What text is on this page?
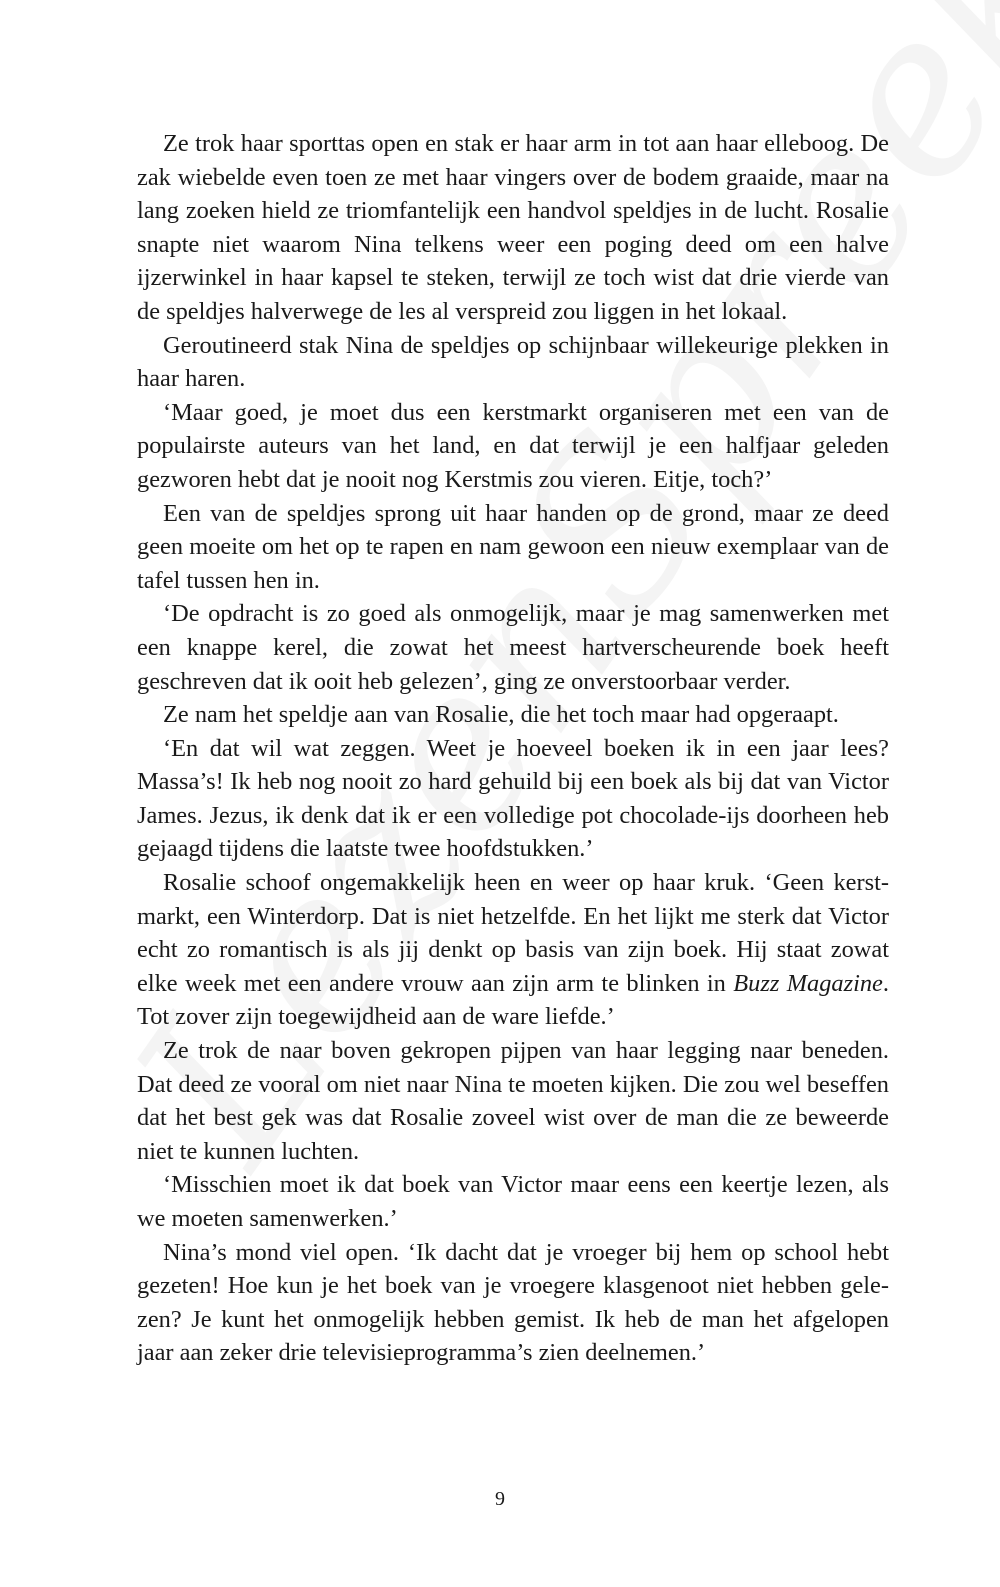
Ze trok haar sporttas open en stak er haar arm in tot aan haar elleboog. De zak wiebelde even toen ze met haar vingers over de bodem graaide, maar na lang zoeken hield ze triomfantelijk een handvol speldjes in de lucht. Rosalie snapte niet waarom Nina telkens weer een poging deed om een halve ijzerwinkel in haar kapsel te steken, terwijl ze toch wist dat drie vierde van de speldjes halverwege de les al verspreid zou liggen in het lokaal.

Geroutineerd stak Nina de speldjes op schijnbaar willekeurige plekken in haar haren.

‘Maar goed, je moet dus een kerstmarkt organiseren met een van de populairste auteurs van het land, en dat terwijl je een halfjaar geleden gezworen hebt dat je nooit nog Kerstmis zou vieren. Eitje, toch?’

Een van de speldjes sprong uit haar handen op de grond, maar ze deed geen moeite om het op te rapen en nam gewoon een nieuw exemplaar van de tafel tussen hen in.

‘De opdracht is zo goed als onmogelijk, maar je mag samenwerken met een knappe kerel, die zowat het meest hartverscheurende boek heeft geschreven dat ik ooit heb gelezen’, ging ze onverstoorbaar verder.

Ze nam het speldje aan van Rosalie, die het toch maar had opgeraapt.

‘En dat wil wat zeggen. Weet je hoeveel boeken ik in een jaar lees? Massa’s! Ik heb nog nooit zo hard gehuild bij een boek als bij dat van Victor James. Jezus, ik denk dat ik er een volledige pot chocolade-ijs doorheen heb gejaagd tijdens die laatste twee hoofdstukken.’

Rosalie schoof ongemakkelijk heen en weer op haar kruk. ‘Geen kerstmarkt, een Winterdorp. Dat is niet hetzelfde. En het lijkt me sterk dat Victor echt zo romantisch is als jij denkt op basis van zijn boek. Hij staat zowat elke week met een andere vrouw aan zijn arm te blinken in Buzz Magazine. Tot zover zijn toegewijdheid aan de ware liefde.’

Ze trok de naar boven gekropen pijpen van haar legging naar beneden. Dat deed ze vooral om niet naar Nina te moeten kijken. Die zou wel beseffen dat het best gek was dat Rosalie zoveel wist over de man die ze beweerde niet te kunnen luchten.

‘Misschien moet ik dat boek van Victor maar eens een keertje lezen, als we moeten samenwerken.’

Nina’s mond viel open. ‘Ik dacht dat je vroeger bij hem op school hebt gezeten! Hoe kun je het boek van je vroegere klasgenoot niet hebben gelezen? Je kunt het onmogelijk hebben gemist. Ik heb de man het afgelopen jaar aan zeker drie televisieprogramma’s zien deelnemen.’

9
